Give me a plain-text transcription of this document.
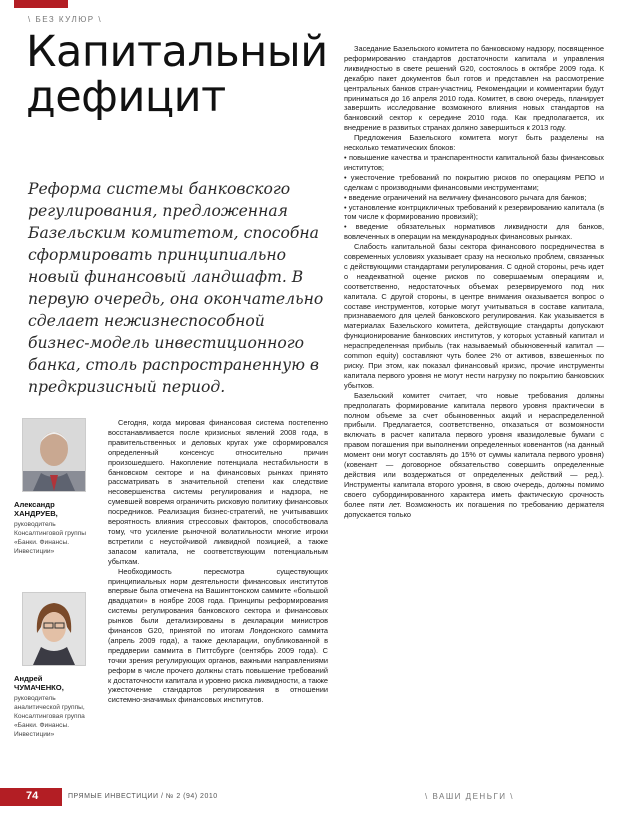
\ БЕЗ КУЛЮР \
Капитальный
дефицит

Реформа системы банковского регулирования, предложенная Базельским комитетом, способна сформировать принципиально новый финансовый ландшафт. В первую очередь, она окончательно сделает нежизнеспособной бизнес-модель инвестиционного банка, столь распространенную в предкризисный период.

Александр
ХАНДРУЕВ,
руководитель Консалтинговой группы «Банки. Финансы. Инвестиции»
Андрей
ЧУМАЧЕНКО,
руководитель аналитической группы, Консалтинговая группа «Банки. Финансы. Инвестиции»

Сегодня, когда мировая финансовая система постепенно восстанавливается после кризисных явлений 2008 года, в правительственных и деловых кругах уже сформировался определенный консенсус относительно причин произошедшего. Накопление потенциала нестабильности в банковском секторе и на финансовых рынках принято рассматривать в значительной степени как следствие несовершенства системы регулирования и надзора, не сумевшей вовремя ограничить рисковую политику финансовых посредников. Реализация бизнес-стратегий, не учитывавших вероятность влияния стрессовых факторов, способствовала тому, что усиление рыночной волатильности многие игроки встретили с неустойчивой ликвидной позицией, а также запасом капитала, не соответствующим потенциальным убыткам.

Необходимость пересмотра существующих принципиальных норм деятельности финансовых институтов впервые была отмечена на Вашингтонском саммите «большой двадцатки» в ноябре 2008 года. Принципы реформирования системы регулирования банковского сектора и финансовых рынков были детализированы в декларации министров финансов G20, принятой по итогам Лондонского саммита (апрель 2009 года), а также декларации, опубликованной в преддверии саммита в Питтсбурге (сентябрь 2009 года). С точки зрения регулирующих органов, важными направлениями реформ в числе прочего должны стать повышение требований к достаточности капитала и уровню риска ликвидности, а также ужесточение стандартов регулирования в отношении системно-значимых финансовых институтов.

Заседание Базельского комитета по банковскому надзору, посвященное реформированию стандартов достаточности капитала и управления ликвидностью в свете решений G20, состоялось в октябре 2009 года. К декабрю пакет документов был готов и представлен на рассмотрение центральных банков стран-участниц. Рекомендации и комментарии будут приниматься до 16 апреля 2010 года. Комитет, в свою очередь, планирует завершить исследование возможного влияния новых стандартов на банковский сектор к середине 2010 года. Как предполагается, их внедрение в развитых странах должно завершиться к 2013 году.

Предложения Базельского комитета могут быть разделены на несколько тематических блоков:

• повышение качества и транспарентности капитальной базы финансовых институтов;

• ужесточение требований по покрытию рисков по операциям РЕПО и сделкам с производными финансовыми инструментами;

• введение ограничений на величину финансового рычага для банков;

• установление контрцикличных требований к резервированию капитала (в том числе к формированию провизий);

• введение обязательных нормативов ликвидности для банков, вовлеченных в операции на международных финансовых рынках.

Слабость капитальной базы сектора финансового посредничества в современных условиях указывает сразу на несколько проблем, связанных с действующими стандартами регулирования. С одной стороны, речь идет о неадекватной оценке рисков по совершаемым операциям и, соответственно, недостаточных объемах резервируемого под них капитала. С другой стороны, в центре внимания оказывается вопрос о составе инструментов, которые могут учитываться в составе капитала, признаваемого для целей банковского регулирования. Как указывается в материалах Базельского комитета, действующие стандарты допускают функционирование банковских институтов, у которых уставный капитал и нераспределенная прибыль (так называемый обыкновенный капитал — common equity) составляют чуть более 2% от активов, взвешенных по риску. При этом, как показал финансовый кризис, прочие инструменты капитала первого уровня не могут нести нагрузку по покрытию банковских убытков.

Базельский комитет считает, что новые требования должны предполагать формирование капитала первого уровня практически в полном объеме за счет обыкновенных акций и нераспределенной прибыли. Предлагается, соответственно, отказаться от возможности включать в расчет капитала первого уровня квазидолевые бумаги с правом погашения при выполнении определенных ковенантов (на данный момент они могут составлять до 15% от суммы капитала первого уровня) (ковенант — договорное обязательство совершить определенные действия или воздержаться от определенных действий — ред.). Инструменты капитала второго уровня, в свою очередь, должны помимо своего субординированного характера иметь фактическую срочность более пяти лет. Возможность их погашения по требованию держателя допускается только

74	ПРЯМЫЕ ИНВЕСТИЦИИ / № 2 (94) 2010	\ ВАШИ ДЕНЬГИ \
